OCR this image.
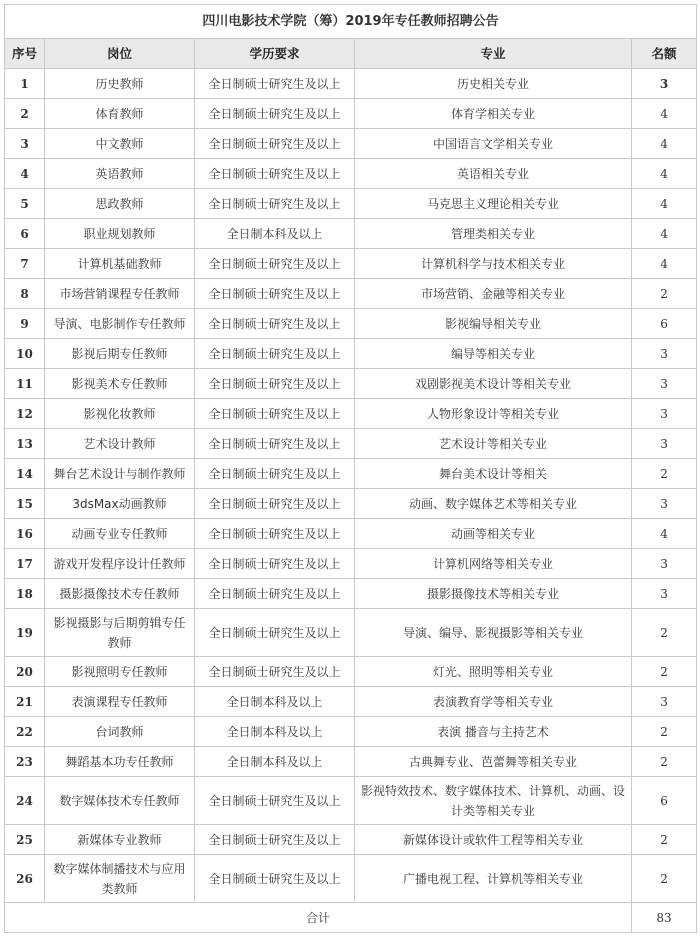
四川电影技术学院（筹）2019年专任教师招聘公告				
序号	岗位	学历要求	专业	名额
1	历史教师	全日制硕士研究生及以上	历史相关专业	3
2	体育教师	全日制硕士研究生及以上	体育学相关专业	4
3	中文教师	全日制硕士研究生及以上	中国语言文学相关专业	4
4	英语教师	全日制硕士研究生及以上	英语相关专业	4
5	思政教师	全日制硕士研究生及以上	马克思主义理论相关专业	4
6	职业规划教师	全日制本科及以上	管理类相关专业	4
7	计算机基础教师	全日制硕士研究生及以上	计算机科学与技术相关专业	4
8	市场营销课程专任教师	全日制硕士研究生及以上	市场营销、金融等相关专业	2
9	导演、电影制作专任教师	全日制硕士研究生及以上	影视编导相关专业	6
10	影视后期专任教师	全日制硕士研究生及以上	编导等相关专业	3
11	影视美术专任教师	全日制硕士研究生及以上	戏剧影视美术设计等相关专业	3
12	影视化妆教师	全日制硕士研究生及以上	人物形象设计等相关专业	3
13	艺术设计教师	全日制硕士研究生及以上	艺术设计等相关专业	3
14	舞台艺术设计与制作教师	全日制硕士研究生及以上	舞台美术设计等相关	2
15	3dsMax动画教师	全日制硕士研究生及以上	动画、数字媒体艺术等相关专业	3
16	动画专业专任教师	全日制硕士研究生及以上	动画等相关专业	4
17	游戏开发程序设计任教师	全日制硕士研究生及以上	计算机网络等相关专业	3
18	摄影摄像技术专任教师	全日制硕士研究生及以上	摄影摄像技术等相关专业	3
19	影视摄影与后期剪辑专任教师	全日制硕士研究生及以上	导演、编导、影视摄影等相关专业	2
20	影视照明专任教师	全日制硕士研究生及以上	灯光、照明等相关专业	2
21	表演课程专任教师	全日制本科及以上	表演教育学等相关专业	3
22	台词教师	全日制本科及以上	表演 播音与主持艺术	2
23	舞蹈基本功专任教师	全日制本科及以上	古典舞专业、芭蕾舞等相关专业	2
24	数字媒体技术专任教师	全日制硕士研究生及以上	影视特效技术、数字媒体技术、计算机、动画、设计类等相关专业	6
25	新媒体专业教师	全日制硕士研究生及以上	新媒体设计或软件工程等相关专业	2
26	数字媒体制播技术与应用类教师	全日制硕士研究生及以上	广播电视工程、计算机等相关专业	2
合计				83
